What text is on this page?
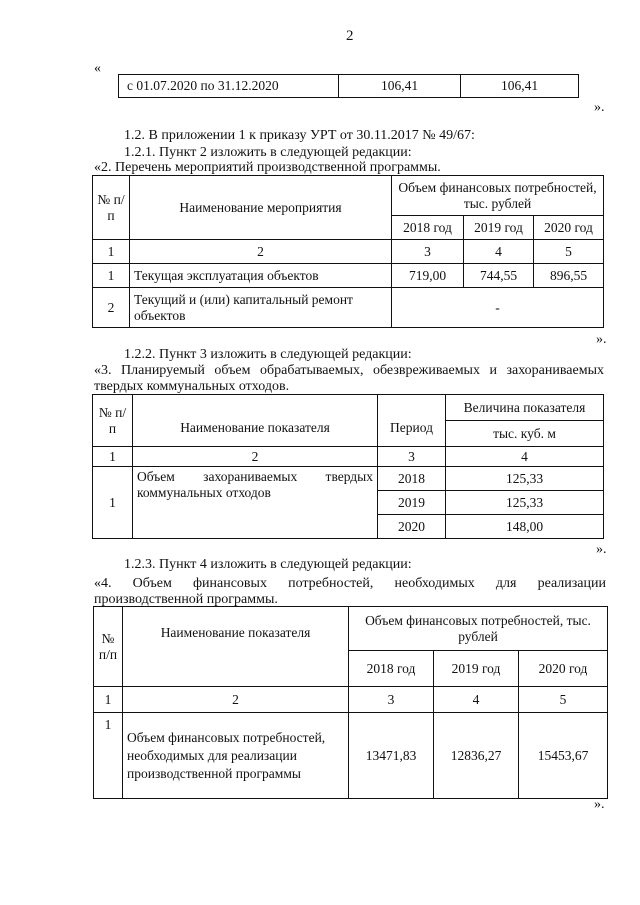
2
«
с 01.07.2020 по 31.12.2020	106,41	106,41
».
1.2. В приложении 1 к приказу УРТ от 30.11.2017 № 49/67:
1.2.1. Пункт 2 изложить в следующей редакции:
«2. Перечень мероприятий производственной программы.
№ п/п	Наименование мероприятия	Объем финансовых потребностей, тыс. рублей		
		2018 год	2019 год	2020 год
1	2	3	4	5
1	Текущая эксплуатация объектов	719,00	744,55	896,55
2	Текущий и (или) капитальный ремонт объектов	-		
».
1.2.2. Пункт 3 изложить в следующей редакции:
«3. Планируемый объем обрабатываемых, обезвреживаемых и захораниваемых
твердых коммунальных отходов.
№ п/п	Наименование показателя	Период	Величина показателя
			тыс. куб. м
1	2	3	4
1	Объем захораниваемых твердых
коммунальных отходов	2018	125,33
		2019	125,33
		2020	148,00
».
1.2.3. Пункт 4 изложить в следующей редакции:
«4. Объем финансовых потребностей, необходимых для реализации
производственной программы.
№ п/п	Наименование показателя	Объем финансовых потребностей, тыс. рублей		
		2018 год	2019 год	2020 год
1	2	3	4	5
1	Объем финансовых потребностей, необходимых для реализации производственной программы	13471,83	12836,27	15453,67
».
